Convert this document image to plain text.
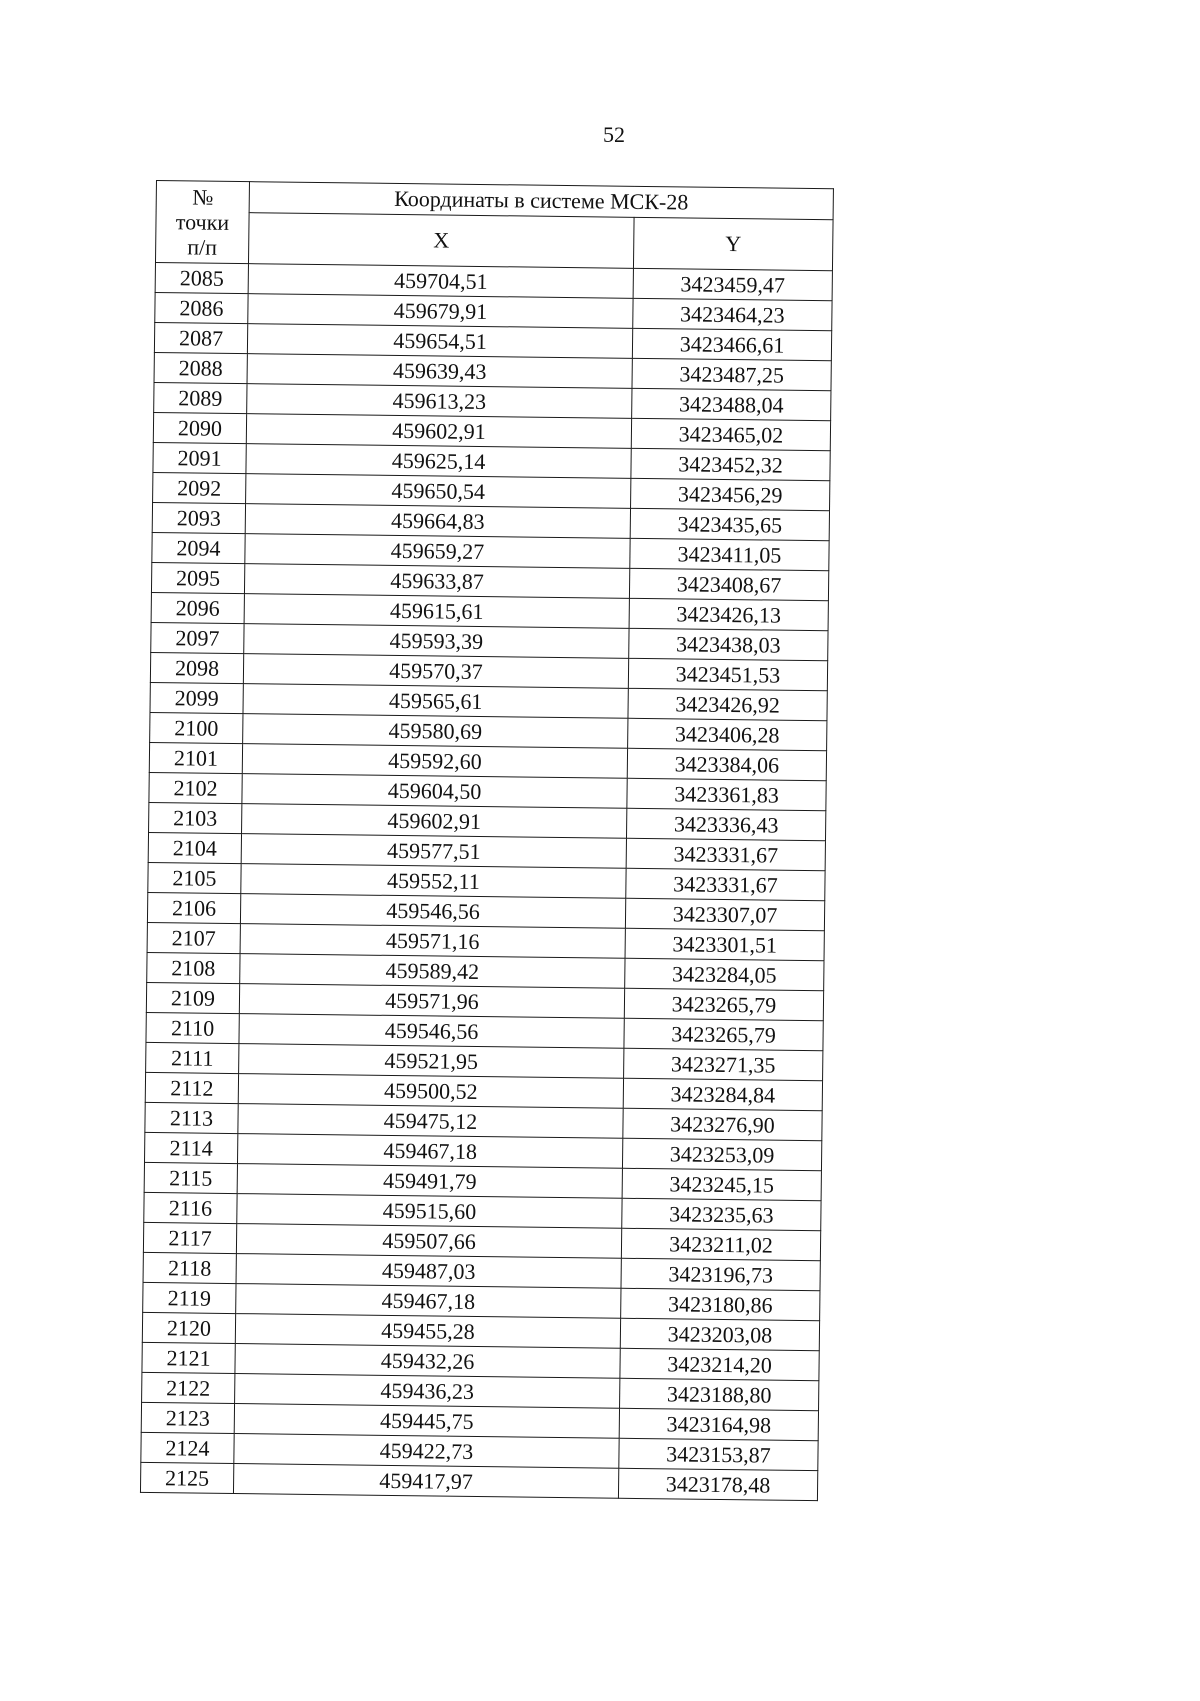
52
№
точки
п/п	Координаты в системе МСК-28	
	X	Y
2085	459704,51	3423459,47
2086	459679,91	3423464,23
2087	459654,51	3423466,61
2088	459639,43	3423487,25
2089	459613,23	3423488,04
2090	459602,91	3423465,02
2091	459625,14	3423452,32
2092	459650,54	3423456,29
2093	459664,83	3423435,65
2094	459659,27	3423411,05
2095	459633,87	3423408,67
2096	459615,61	3423426,13
2097	459593,39	3423438,03
2098	459570,37	3423451,53
2099	459565,61	3423426,92
2100	459580,69	3423406,28
2101	459592,60	3423384,06
2102	459604,50	3423361,83
2103	459602,91	3423336,43
2104	459577,51	3423331,67
2105	459552,11	3423331,67
2106	459546,56	3423307,07
2107	459571,16	3423301,51
2108	459589,42	3423284,05
2109	459571,96	3423265,79
2110	459546,56	3423265,79
2111	459521,95	3423271,35
2112	459500,52	3423284,84
2113	459475,12	3423276,90
2114	459467,18	3423253,09
2115	459491,79	3423245,15
2116	459515,60	3423235,63
2117	459507,66	3423211,02
2118	459487,03	3423196,73
2119	459467,18	3423180,86
2120	459455,28	3423203,08
2121	459432,26	3423214,20
2122	459436,23	3423188,80
2123	459445,75	3423164,98
2124	459422,73	3423153,87
2125	459417,97	3423178,48
